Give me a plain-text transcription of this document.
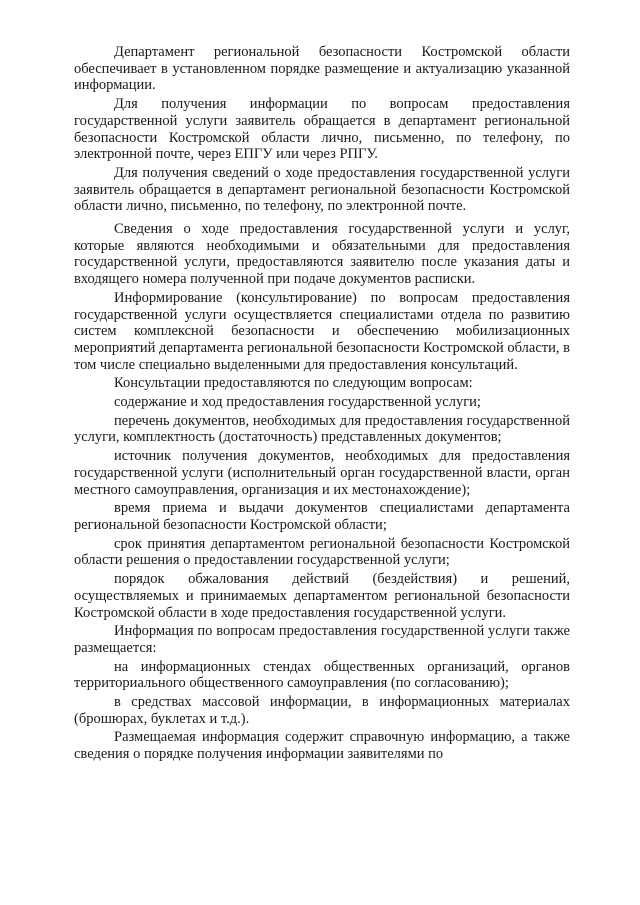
Департамент региональной безопасности Костромской области обеспечивает в установленном порядке размещение и актуализацию указанной информации.

Для получения информации по вопросам предоставления государственной услуги заявитель обращается в департамент региональной безопасности Костромской области лично, письменно, по телефону, по электронной почте, через ЕПГУ или через РПГУ.

Для получения сведений о ходе предоставления государственной услуги заявитель обращается в департамент региональной безопасности Костромской области лично, письменно, по телефону, по электронной почте.

Сведения о ходе предоставления государственной услуги и услуг, которые являются необходимыми и обязательными для предоставления государственной услуги, предоставляются заявителю после указания даты и входящего номера полученной при подаче документов расписки.

Информирование (консультирование) по вопросам предоставления государственной услуги осуществляется специалистами отдела по развитию систем комплексной безопасности и обеспечению мобилизационных мероприятий департамента региональной безопасности Костромской области, в том числе специально выделенными для предоставления консультаций.

Консультации предоставляются по следующим вопросам:

содержание и ход предоставления государственной услуги;

перечень документов, необходимых для предоставления государственной услуги, комплектность (достаточность) представленных документов;

источник получения документов, необходимых для предоставления государственной услуги (исполнительный орган государственной власти, орган местного самоуправления, организация и их местонахождение);

время приема и выдачи документов специалистами департамента региональной безопасности Костромской области;

срок принятия департаментом региональной безопасности Костромской области решения о предоставлении государственной услуги;

порядок обжалования действий (бездействия) и решений, осуществляемых и принимаемых департаментом региональной безопасности Костромской области в ходе предоставления государственной услуги.

Информация по вопросам предоставления государственной услуги также размещается:

на информационных стендах общественных организаций, органов территориального общественного самоуправления (по согласованию);

в средствах массовой информации, в информационных материалах (брошюрах, буклетах и т.д.).

Размещаемая информация содержит справочную информацию, а также сведения о порядке получения информации заявителями по
